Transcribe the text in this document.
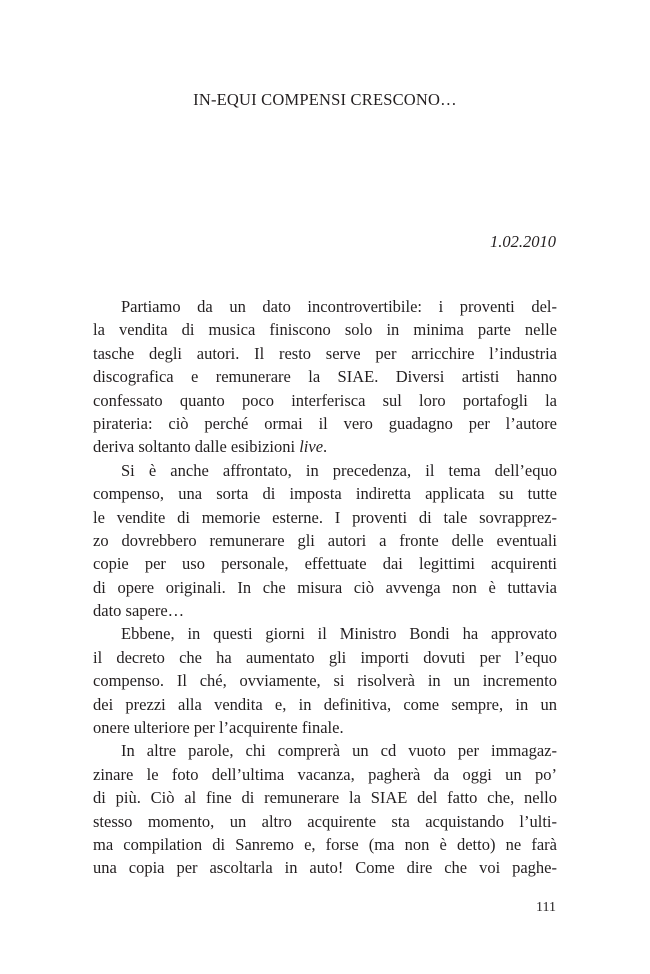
IN-EQUI COMPENSI CRESCONO…
1.02.2010
Partiamo da un dato incontrovertibile: i proventi del-
la vendita di musica finiscono solo in minima parte nelle
tasche degli autori. Il resto serve per arricchire l’industria
discografica e remunerare la SIAE. Diversi artisti hanno
confessato quanto poco interferisca sul loro portafogli la
pirateria: ciò perché ormai il vero guadagno per l’autore
deriva soltanto dalle esibizioni live.
Si è anche affrontato, in precedenza, il tema dell’equo
compenso, una sorta di imposta indiretta applicata su tutte
le vendite di memorie esterne. I proventi di tale sovrapprez-
zo dovrebbero remunerare gli autori a fronte delle eventuali
copie per uso personale, effettuate dai legittimi acquirenti
di opere originali. In che misura ciò avvenga non è tuttavia
dato sapere…
Ebbene, in questi giorni il Ministro Bondi ha approvato
il decreto che ha aumentato gli importi dovuti per l’equo
compenso. Il ché, ovviamente, si risolverà in un incremento
dei prezzi alla vendita e, in definitiva, come sempre, in un
onere ulteriore per l’acquirente finale.
In altre parole, chi comprerà un cd vuoto per immagaz-
zinare le foto dell’ultima vacanza, pagherà da oggi un po’
di più. Ciò al fine di remunerare la SIAE del fatto che, nello
stesso momento, un altro acquirente sta acquistando l’ulti-
ma compilation di Sanremo e, forse (ma non è detto) ne farà
una copia per ascoltarla in auto! Come dire che voi paghe-
111
